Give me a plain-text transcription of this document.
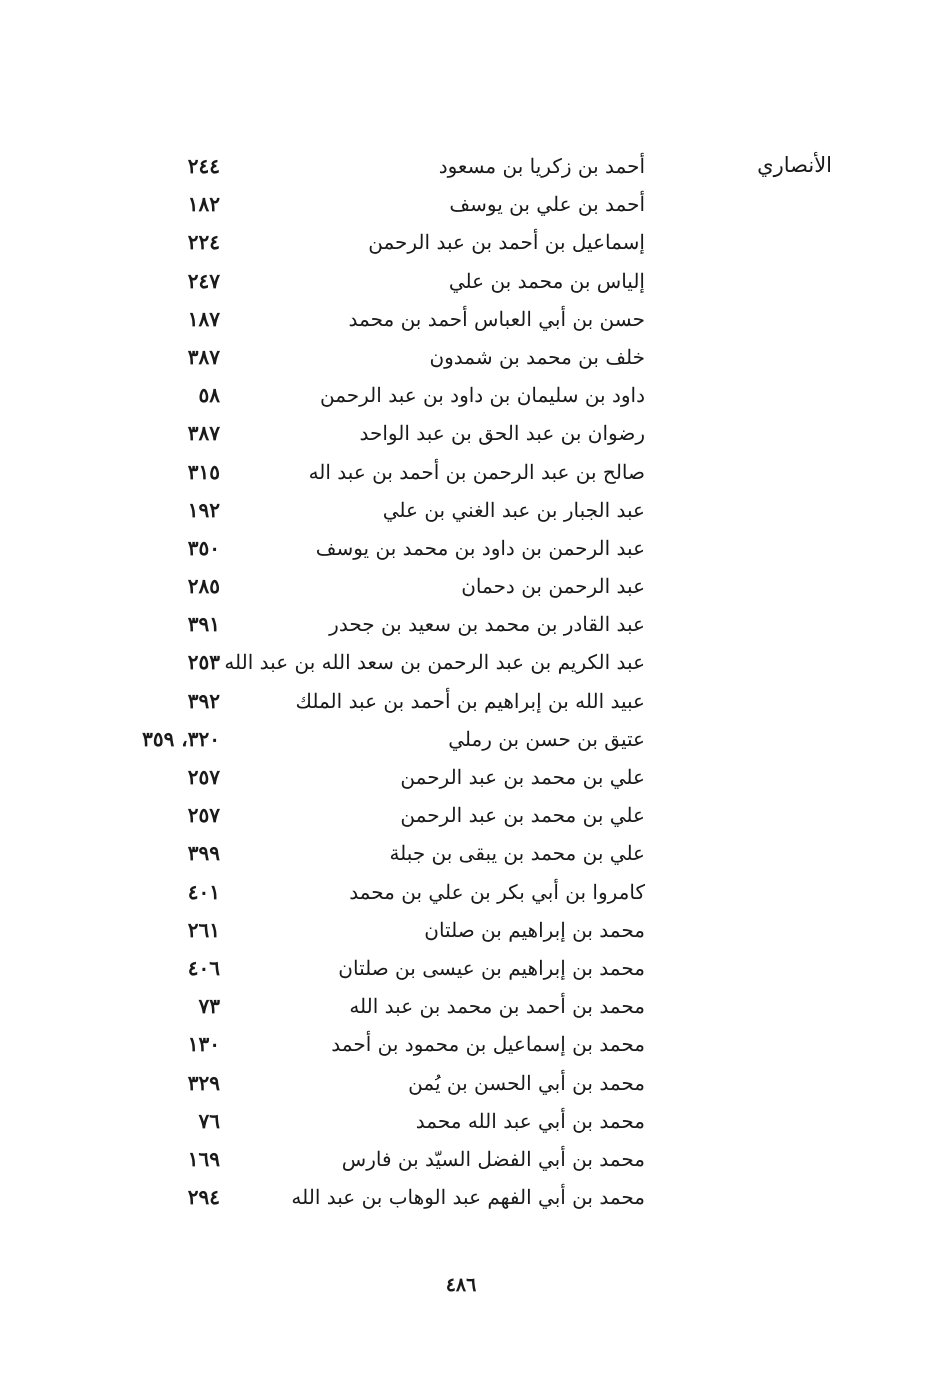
الأنصاري
أحمد بن زكريا بن مسعود
٢٤٤
أحمد بن علي بن يوسف
١٨٢
إسماعيل بن أحمد بن عبد الرحمن
٢٢٤
إلياس بن محمد بن علي
٢٤٧
حسن بن أبي العباس أحمد بن محمد
١٨٧
خلف بن محمد بن شمدون
٣٨٧
داود بن سليمان بن داود بن عبد الرحمن
٥٨
رضوان بن عبد الحق بن عبد الواحد
٣٨٧
صالح بن عبد الرحمن بن أحمد بن عبد اله
٣١٥
عبد الجبار بن عبد الغني بن علي
١٩٢
عبد الرحمن بن داود بن محمد بن يوسف
٣٥٠
عبد الرحمن بن دحمان
٢٨٥
عبد القادر بن محمد بن سعيد بن جحدر
٣٩١
عبد الكريم بن عبد الرحمن بن سعد الله بن عبد الله
٢٥٣
عبيد الله بن إبراهيم بن أحمد بن عبد الملك
٣٩٢
عتيق بن حسن بن رملي
٣٢٠، ٣٥٩
علي بن محمد بن عبد الرحمن
٢٥٧
علي بن محمد بن عبد الرحمن
٢٥٧
علي بن محمد بن يبقى بن جبلة
٣٩٩
كامروا بن أبي بكر بن علي بن محمد
٤٠١
محمد بن إبراهيم بن صلتان
٢٦١
محمد بن إبراهيم بن عيسى بن صلتان
٤٠٦
محمد بن أحمد بن محمد بن عبد الله
٧٣
محمد بن إسماعيل بن محمود بن أحمد
١٣٠
محمد بن أبي الحسن بن يُمن
٣٢٩
محمد بن أبي عبد الله محمد
٧٦
محمد بن أبي الفضل السيّد بن فارس
١٦٩
محمد بن أبي الفهم عبد الوهاب بن عبد الله
٢٩٤
٤٨٦
